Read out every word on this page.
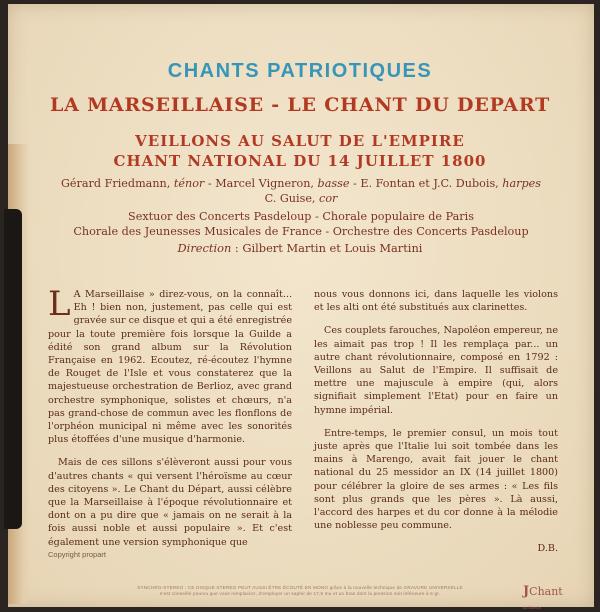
CHANTS PATRIOTIQUES
LA MARSEILLAISE - LE CHANT DU DEPART
VEILLONS AU SALUT DE L'EMPIRE
CHANT NATIONAL DU 14 JUILLET 1800
Gérard Friedmann, ténor - Marcel Vigneron, basse - E. Fontan et J.C. Dubois, harpes
C. Guise, cor
Sextuor des Concerts Pasdeloup - Chorale populaire de Paris
Chorale des Jeunesses Musicales de France - Orchestre des Concerts Pasdeloup
Direction : Gilbert Martin et Louis Martini

L A Marseillaise » direz-vous, on la connaît... Eh ! bien non, justement, pas celle qui est gravée sur ce disque et qui a été enregistrée pour la toute première fois lorsque la Guilde a édité son grand album sur la Révolution Française en 1962. Ecoutez, ré-écoutez l'hymne de Rouget de l'Isle et vous constaterez que la majestueuse orchestration de Berlioz, avec grand orchestre symphonique, solistes et chœurs, n'a pas grand-chose de commun avec les flonflons de l'orphéon municipal ni même avec les sonorités plus étoffées d'une musique d'harmonie.

Mais de ces sillons s'élèveront aussi pour vous d'autres chants « qui versent l'héroïsme au cœur des citoyens ». Le Chant du Départ, aussi célèbre que la Marseillaise à l'époque révolutionnaire et dont on a pu dire que « jamais on ne serait à la fois aussi noble et aussi populaire ». Et c'est également une version symphonique que

nous vous donnons ici, dans laquelle les violons et les alti ont été substitués aux clarinettes.

Ces couplets farouches, Napoléon empereur, ne les aimait pas trop ! Il les remplaça par... un autre chant révolutionnaire, composé en 1792 : Veillons au Salut de l'Empire. Il suffisait de mettre une majuscule à empire (qui, alors signifiait simplement l'Etat) pour en faire un hymne impérial.

Entre-temps, le premier consul, un mois tout juste après que l'Italie lui soit tombée dans les mains à Marengo, avait fait jouer le chant national du 25 messidor an IX (14 juillet 1800) pour célébrer la gloire de ses armes : « Les fils sont plus grands que les pères ». Là aussi, l'accord des harpes et du cor donne à la mélodie une noblesse peu commune.

D.B.

Copyright propart
SYNCHRO-STEREO : CE DISQUE STEREO PEUT AUSSI ÊTRE ÉCOUTÉ EN MONO grâce à la nouvelle technique de GRAVURE UNIVERSELLE
n'est conseillé pourvu que vous remplaciez, d'employer un saphir de 17,5 mu et un bras dont la pression soit inférieure à 5 gr.	JChant du Monde
